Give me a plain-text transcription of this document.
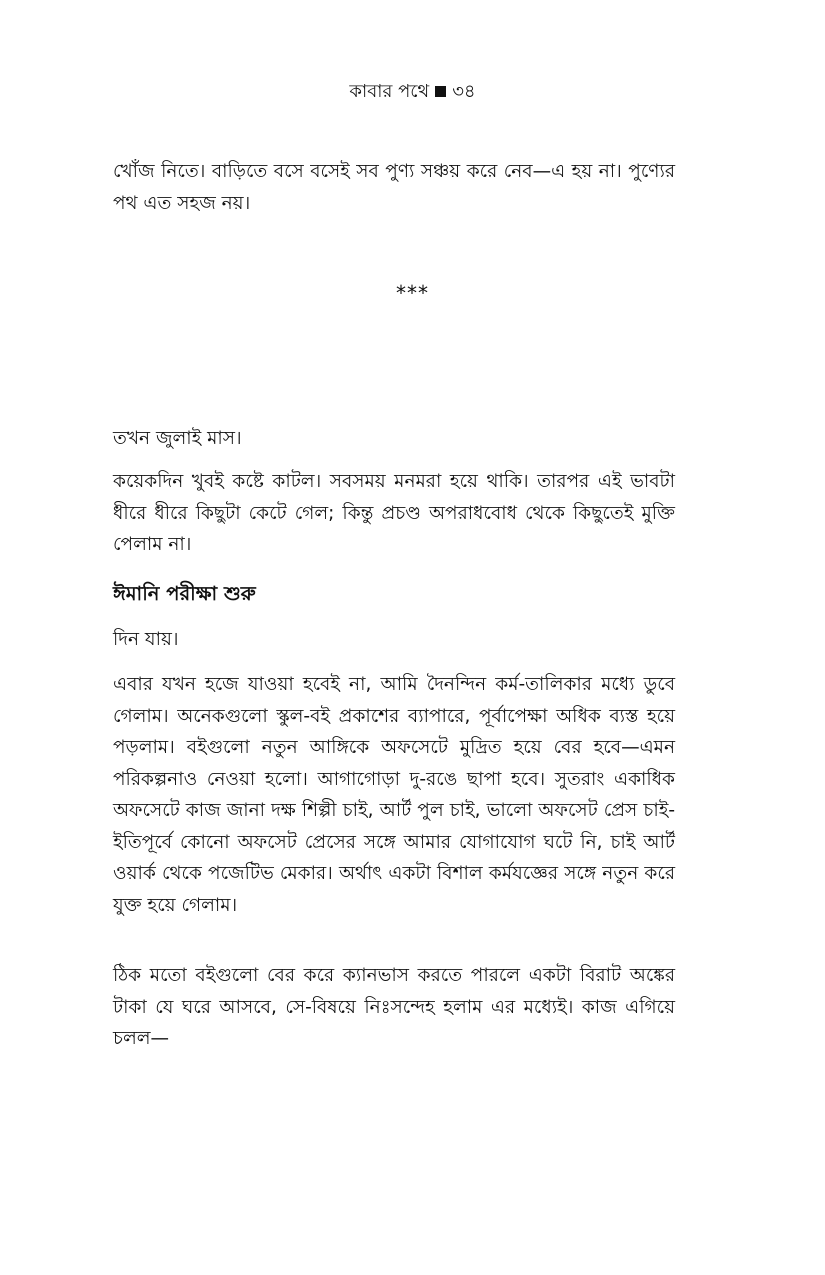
কাবার পথে ৩৪

খোঁজ নিতে। বাড়িতে বসে বসেই সব পুণ্য সঞ্চয় করে নেব—এ হয় না। পুণ্যের পথ এত সহজ নয়।

***

তখন জুলাই মাস।

কয়েকদিন খুবই কষ্টে কাটল। সবসময় মনমরা হয়ে থাকি। তারপর এই ভাবটা ধীরে ধীরে কিছুটা কেটে গেল; কিন্তু প্রচণ্ড অপরাধবোধ থেকে কিছুতেই মুক্তি পেলাম না।

ঈমানি পরীক্ষা শুরু

দিন যায়।

এবার যখন হজে যাওয়া হবেই না, আমি দৈনন্দিন কর্ম-তালিকার মধ্যে ডুবে গেলাম। অনেকগুলো স্কুল-বই প্রকাশের ব্যাপারে, পূর্বাপেক্ষা অধিক ব্যস্ত হয়ে পড়লাম। বইগুলো নতুন আঙ্গিকে অফসেটে মুদ্রিত হয়ে বের হবে—এমন পরিকল্পনাও নেওয়া হলো। আগাগোড়া দু-রঙে ছাপা হবে। সুতরাং একাধিক অফসেটে কাজ জানা দক্ষ শিল্পী চাই, আর্ট পুল চাই, ভালো অফসেট প্রেস চাই- ইতিপূর্বে কোনো অফসেট প্রেসের সঙ্গে আমার যোগাযোগ ঘটে নি, চাই আর্ট ওয়ার্ক থেকে পজেটিভ মেকার। অর্থাৎ একটা বিশাল কর্মযজ্ঞের সঙ্গে নতুন করে যুক্ত হয়ে গেলাম।

ঠিক মতো বইগুলো বের করে ক্যানভাস করতে পারলে একটা বিরাট অঙ্কের টাকা যে ঘরে আসবে, সে-বিষয়ে নিঃসন্দেহ হলাম এর মধ্যেই। কাজ এগিয়ে চলল—
